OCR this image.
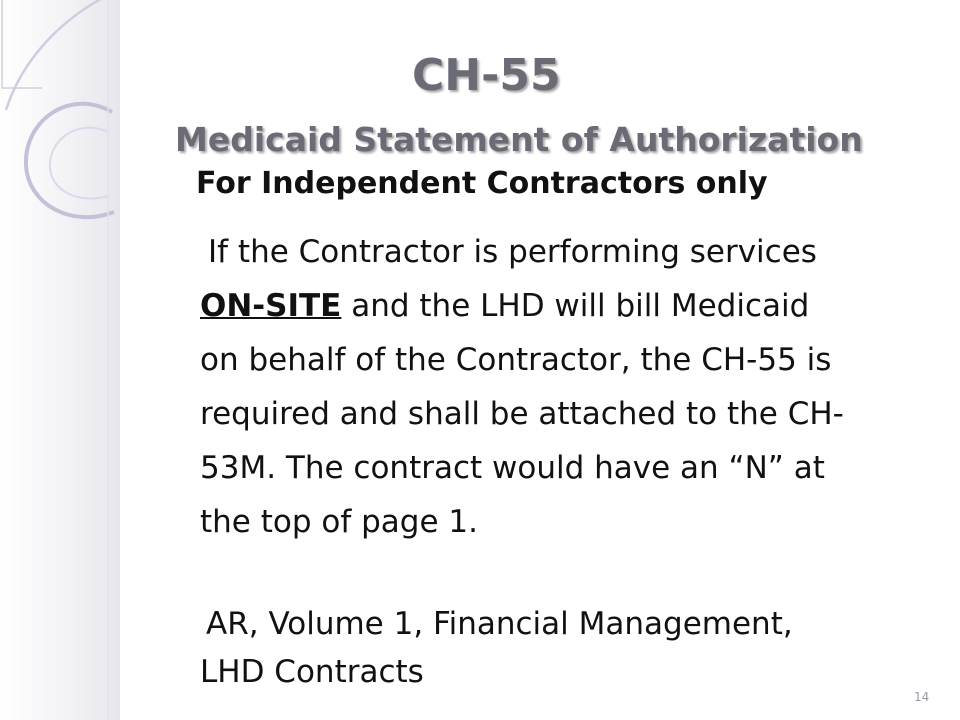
CH-55
Medicaid Statement of Authorization

For Independent Contractors only

If the Contractor is performing services
ON-SITE and the LHD will bill Medicaid
on behalf of the Contractor, the CH-55 is
required and shall be attached to the CH-
53M. The contract would have an “N” at
the top of page 1.

AR, Volume 1, Financial Management,
LHD Contracts

14
